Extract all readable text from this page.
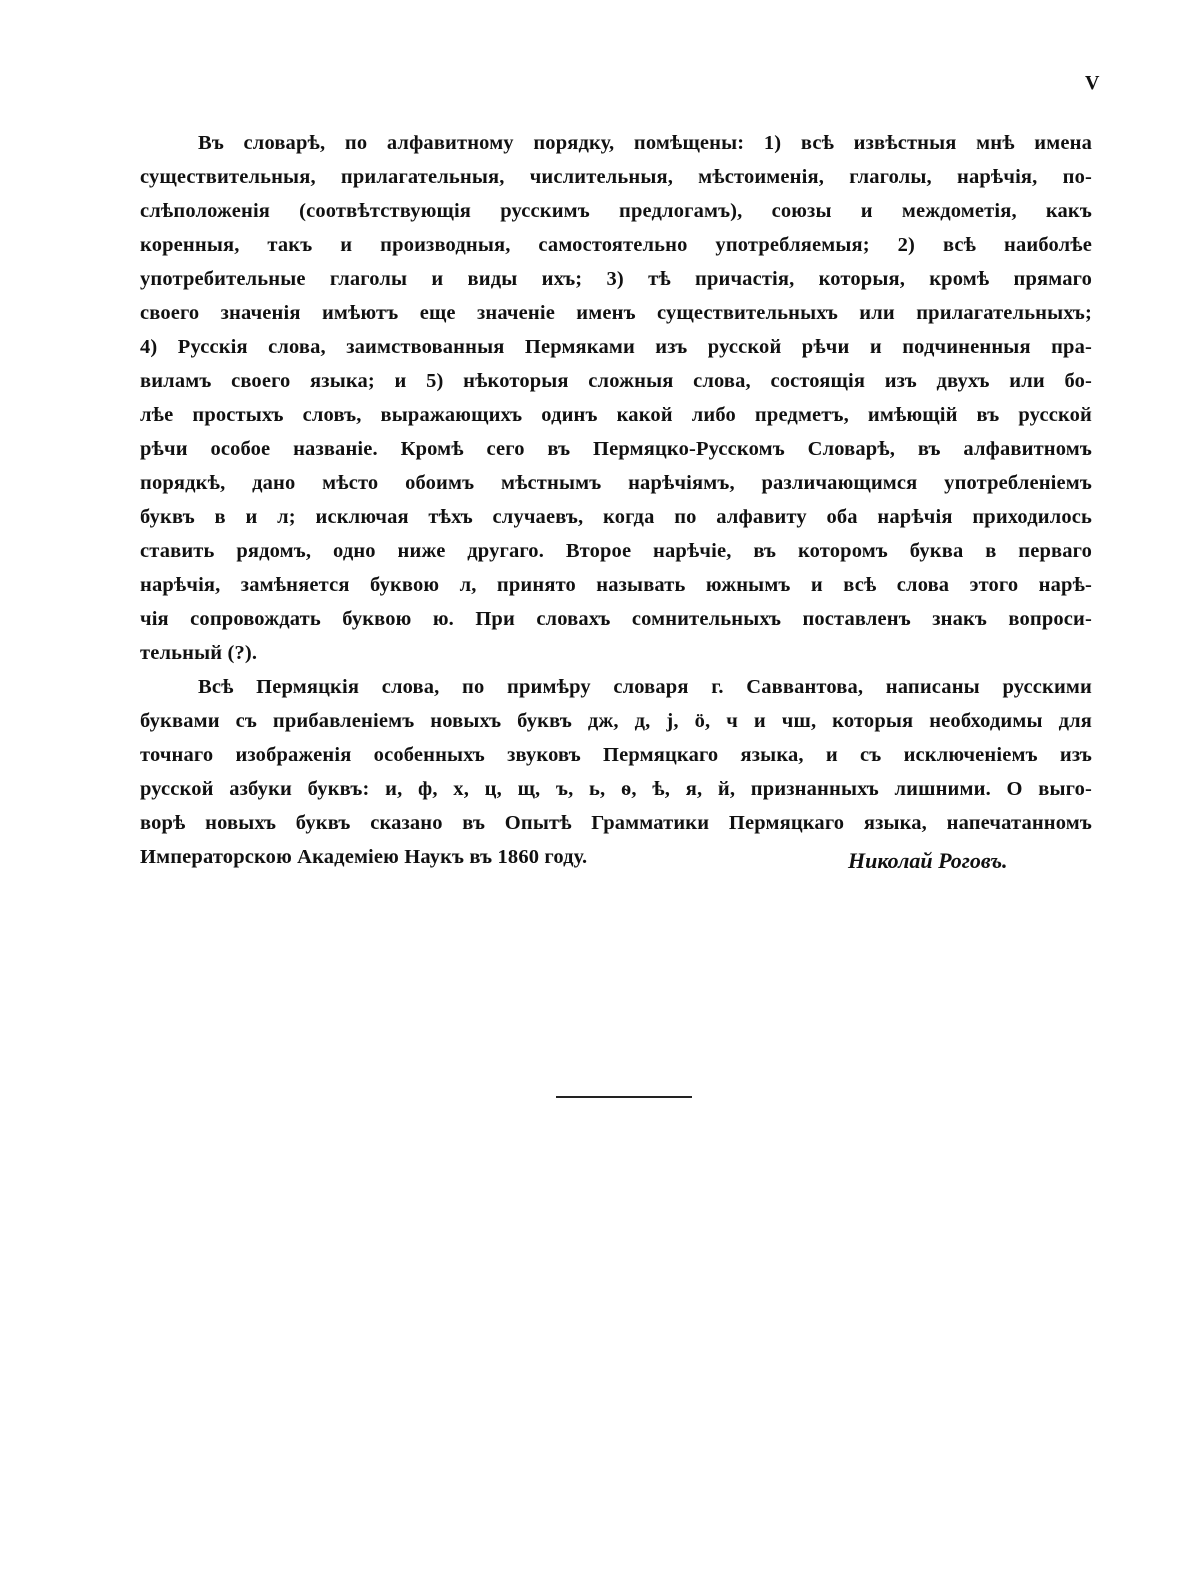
V
Въ словарѣ, по алфавитному порядку, помѣщены: 1) всѣ извѣстныя мнѣ имена
существительныя, прилагательныя, числительныя, мѣстоименія, глаголы, нарѣчія, по-
слѣположенія (соотвѣтствующія русскимъ предлогамъ), союзы и междометія, какъ
коренныя, такъ и производныя, самостоятельно употребляемыя; 2) всѣ наиболѣе
употребительные глаголы и виды ихъ; 3) тѣ причастія, которыя, кромѣ прямаго
своего значенія имѣютъ еще значеніе именъ существительныхъ или прилагательныхъ;
4) Русскія слова, заимствованныя Пермяками изъ русской рѣчи и подчиненныя пра-
виламъ своего языка; и 5) нѣкоторыя сложныя слова, состоящія изъ двухъ или бо-
лѣе простыхъ словъ, выражающихъ одинъ какой либо предметъ, имѣющій въ русской
рѣчи особое названіе. Кромѣ сего въ Пермяцко-Русскомъ Словарѣ, въ алфавитномъ
порядкѣ, дано мѣсто обоимъ мѣстнымъ нарѣчіямъ, различающимся употребленіемъ
буквъ в и л; исключая тѣхъ случаевъ, когда по алфавиту оба нарѣчія приходилось
ставить рядомъ, одно ниже другаго. Второе нарѣчіе, въ которомъ буква в перваго
нарѣчія, замѣняется буквою л, принято называть южнымъ и всѣ слова этого нарѣ-
чія сопровождать буквою ю. При словахъ сомнительныхъ поставленъ знакъ вопроси-
тельный (?).
Всѣ Пермяцкія слова, по примѣру словаря г. Саввантова, написаны русскими
буквами съ прибавленіемъ новыхъ буквъ дж, д, j, ö, ч и чш, которыя необходимы для
точнаго изображенія особенныхъ звуковъ Пермяцкаго языка, и съ исключеніемъ изъ
русской азбуки буквъ: и, ф, х, ц, щ, ъ, ь, ѳ, ѣ, я, й, признанныхъ лишними. О выго-
ворѣ новыхъ буквъ сказано въ Опытѣ Грамматики Пермяцкаго языка, напечатанномъ
Императорскою Академіею Наукъ въ 1860 году.	Николай Роговъ.
